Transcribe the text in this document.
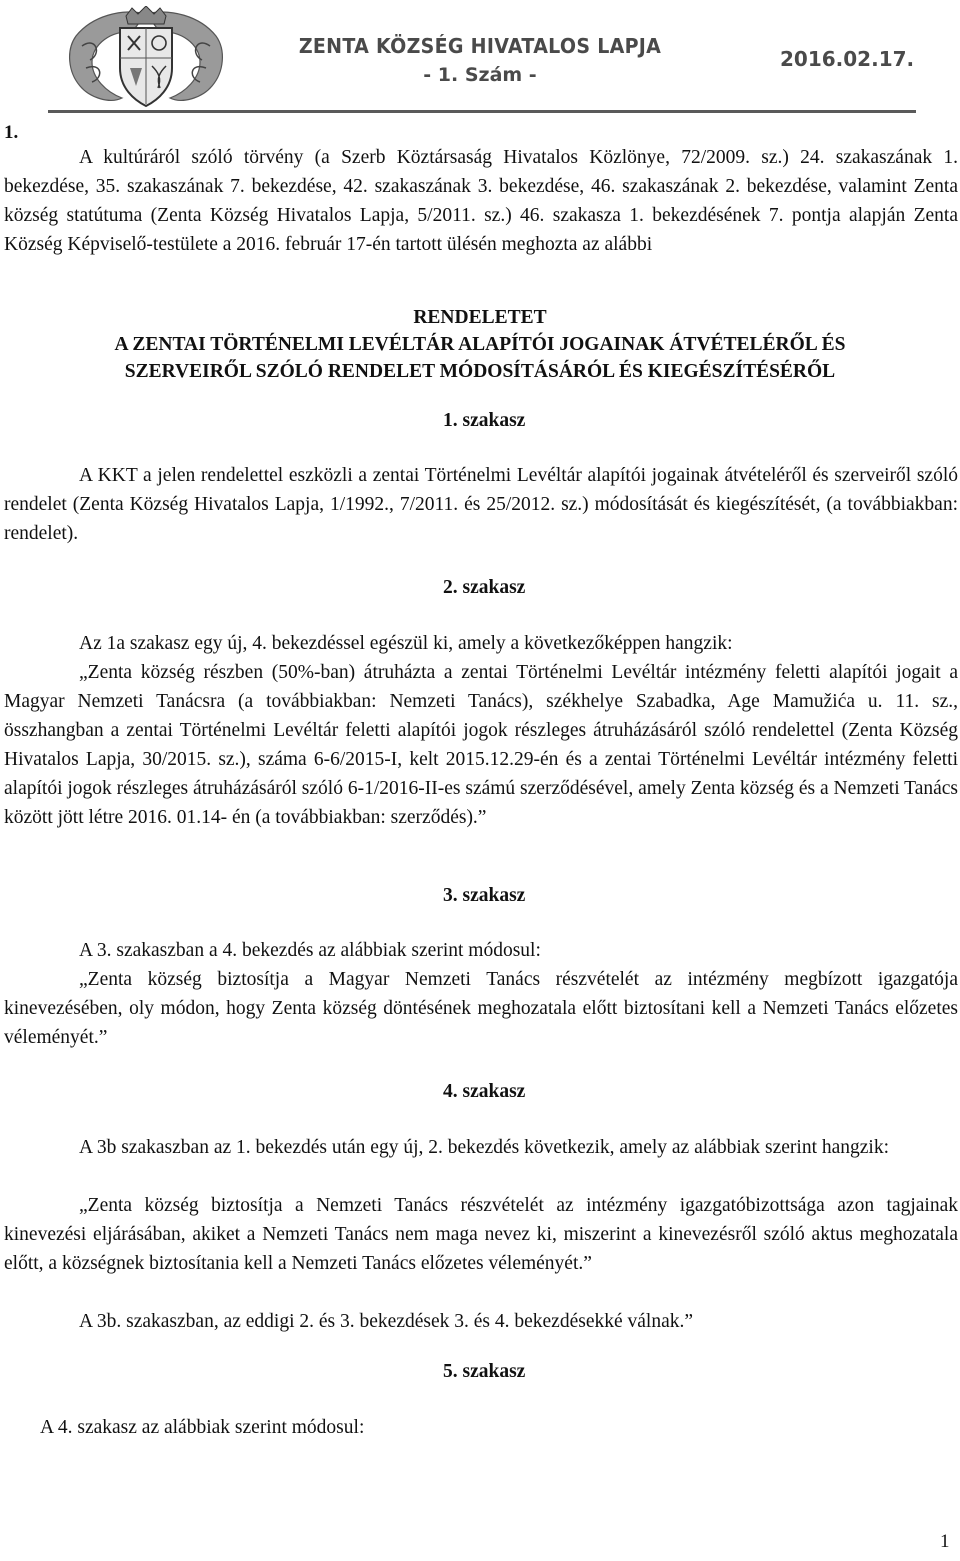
ZENTA KÖZSÉG HIVATALOS LAPJA
- 1. Szám -
2016.02.17.
1.

A kultúráról szóló törvény (a Szerb Köztársaság Hivatalos Közlönye, 72/2009. sz.) 24. szakaszának 1. bekezdése, 35. szakaszának 7. bekezdése, 42. szakaszának 3. bekezdése, 46. szakaszának 2. bekezdése, valamint Zenta község statútuma (Zenta Község Hivatalos Lapja, 5/2011. sz.) 46. szakasza 1. bekezdésének 7. pontja alapján Zenta Község Képviselő-testülete a 2016. február 17-én tartott ülésén meghozta az alábbi

RENDELETET

A ZENTAI TÖRTÉNELMI LEVÉLTÁR ALAPÍTÓI JOGAINAK ÁTVÉTELÉRŐL ÉS

SZERVEIRŐL SZÓLÓ RENDELET MÓDOSÍTÁSÁRÓL ÉS KIEGÉSZÍTÉSÉRŐL

1. szakasz

A KKT a jelen rendelettel eszközli a zentai Történelmi Levéltár alapítói jogainak átvételéről és szerveiről szóló rendelet (Zenta Község Hivatalos Lapja, 1/1992., 7/2011. és 25/2012. sz.) módosítását és kiegészítését, (a továbbiakban: rendelet).

2. szakasz

Az 1a szakasz egy új, 4. bekezdéssel egészül ki, amely a következőképpen hangzik:

„Zenta község részben (50%-ban) átruházta a zentai Történelmi Levéltár intézmény feletti alapítói jogait a Magyar Nemzeti Tanácsra (a továbbiakban: Nemzeti Tanács), székhelye Szabadka, Age Mamužića u. 11. sz., összhangban a zentai Történelmi Levéltár feletti alapítói jogok részleges átruházásáról szóló rendelettel (Zenta Község Hivatalos Lapja, 30/2015. sz.), száma 6-6/2015-I, kelt 2015.12.29-én és a zentai Történelmi Levéltár intézmény feletti alapítói jogok részleges átruházásáról szóló 6-1/2016-II-es számú szerződésével, amely Zenta község és a Nemzeti Tanács között jött létre 2016. 01.14- én (a továbbiakban: szerződés).”

3. szakasz

A 3. szakaszban a 4. bekezdés az alábbiak szerint módosul:

„Zenta község biztosítja a Magyar Nemzeti Tanács részvételét az intézmény megbízott igazgatója kinevezésében, oly módon, hogy Zenta község döntésének meghozatala előtt biztosítani kell a Nemzeti Tanács előzetes véleményét.”

4. szakasz

A 3b szakaszban az 1. bekezdés után egy új, 2. bekezdés következik, amely az alábbiak szerint hangzik:

„Zenta község biztosítja a Nemzeti Tanács részvételét az intézmény igazgatóbizottsága azon tagjainak kinevezési eljárásában, akiket a Nemzeti Tanács nem maga nevez ki, miszerint a kinevezésről szóló aktus meghozatala előtt, a községnek biztosítania kell a Nemzeti Tanács előzetes véleményét.”

A 3b. szakaszban, az eddigi 2. és 3. bekezdések 3. és 4. bekezdésekké válnak.”

5. szakasz

A 4. szakasz az alábbiak szerint módosul:

1
